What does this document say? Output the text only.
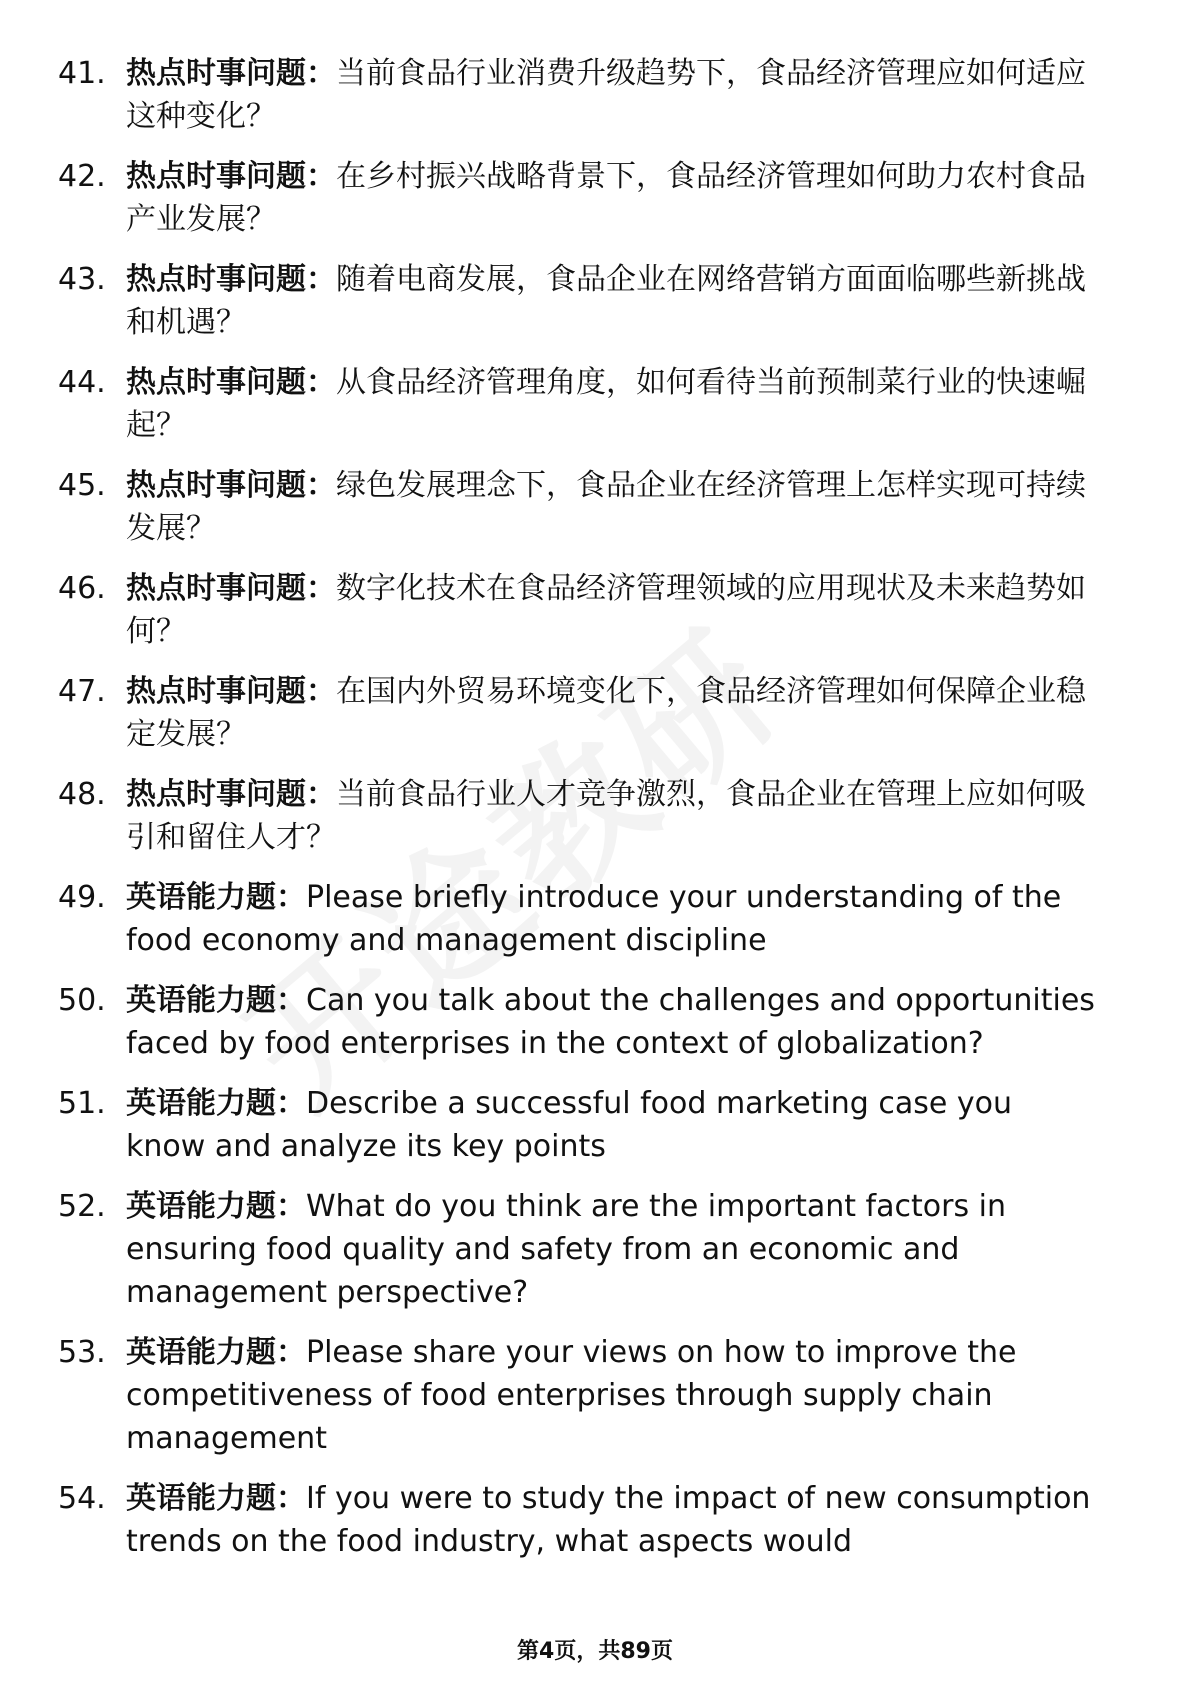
41. 热点时事问题：当前食品行业消费升级趋势下，食品经济管理应如何适应这种变化？
42. 热点时事问题：在乡村振兴战略背景下，食品经济管理如何助力农村食品产业发展？
43. 热点时事问题：随着电商发展，食品企业在网络营销方面面临哪些新挑战和机遇？
44. 热点时事问题：从食品经济管理角度，如何看待当前预制菜行业的快速崛起？
45. 热点时事问题：绿色发展理念下，食品企业在经济管理上怎样实现可持续发展？
46. 热点时事问题：数字化技术在食品经济管理领域的应用现状及未来趋势如何？
47. 热点时事问题：在国内外贸易环境变化下，食品经济管理如何保障企业稳定发展？
48. 热点时事问题：当前食品行业人才竞争激烈，食品企业在管理上应如何吸引和留住人才？
49. 英语能力题：Please briefly introduce your understanding of the food economy and management discipline
50. 英语能力题：Can you talk about the challenges and opportunities faced by food enterprises in the context of globalization?
51. 英语能力题：Describe a successful food marketing case you know and analyze its key points
52. 英语能力题：What do you think are the important factors in ensuring food quality and safety from an economic and management perspective?
53. 英语能力题：Please share your views on how to improve the competitiveness of food enterprises through supply chain management
54. 英语能力题：If you were to study the impact of new consumption trends on the food industry, what aspects would
第4页，共89页
